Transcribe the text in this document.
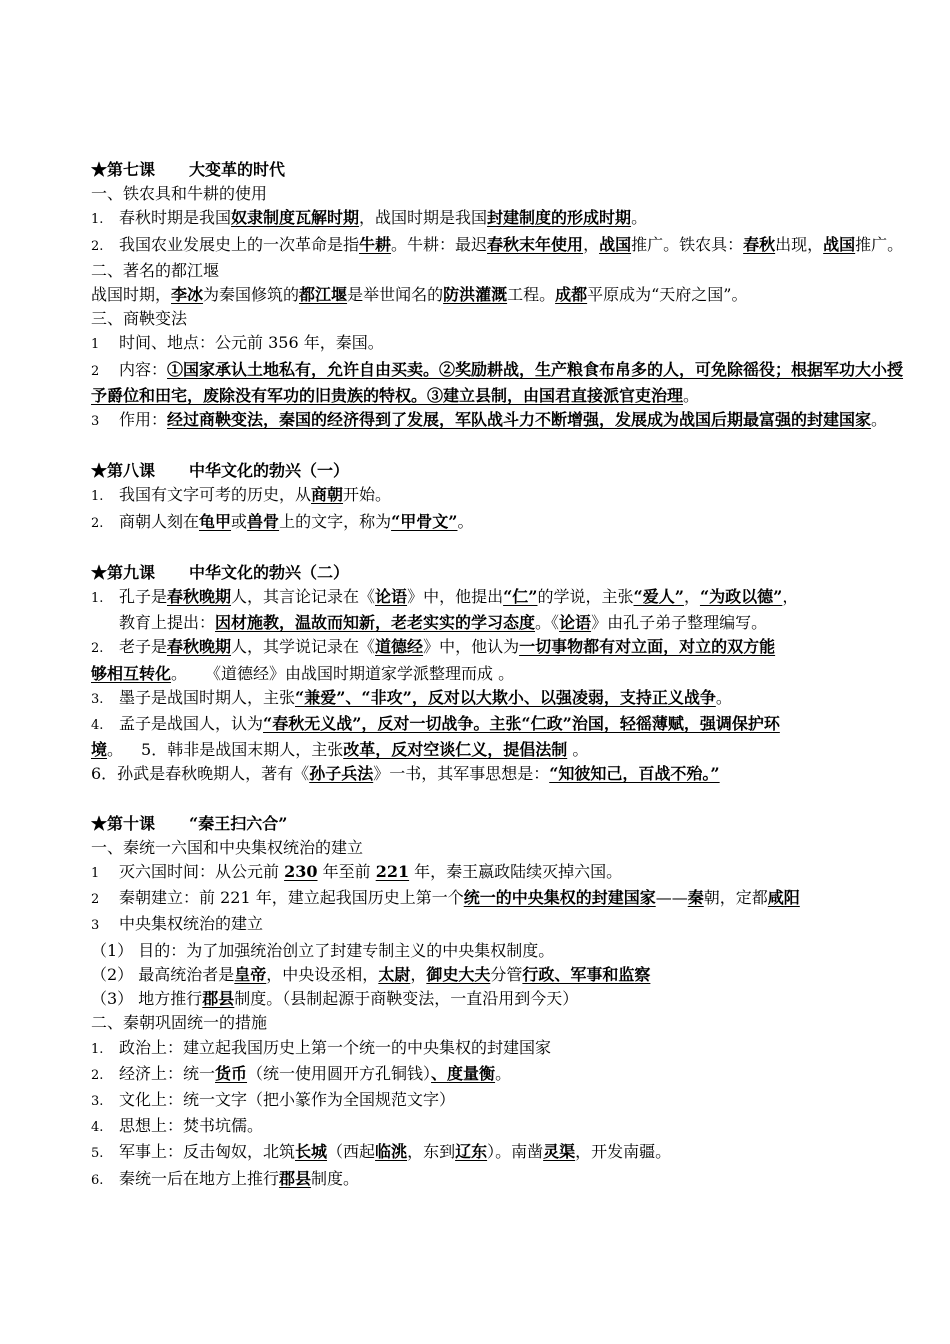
★第七课 大变革的时代
一、铁农具和牛耕的使用
1. 春秋时期是我国奴隶制度瓦解时期，战国时期是我国封建制度的形成时期。
2. 我国农业发展史上的一次革命是指牛耕。牛耕：最迟春秋末年使用，战国推广。铁农具：春秋出现，战国推广。
二、著名的都江堰
战国时期，李冰为秦国修筑的都江堰是举世闻名的防洪灌溉工程。成都平原成为“天府之国”。
三、商鞅变法
1 时间、地点：公元前 356 年，秦国。
2 内容：①国家承认土地私有，允许自由买卖。②奖励耕战，生产粮食布帛多的人，可免除徭役；根据军功大小授予爵位和田宅，废除没有军功的旧贵族的特权。③建立县制，由国君直接派官吏治理。
3 作用：经过商鞅变法，秦国的经济得到了发展，军队战斗力不断增强，发展成为战国后期最富强的封建国家。
★第八课 中华文化的勃兴（一）
1. 我国有文字可考的历史，从商朝开始。
2. 商朝人刻在龟甲或兽骨上的文字，称为“甲骨文”。
★第九课 中华文化的勃兴（二）
1. 孔子是春秋晚期人，其言论记录在《论语》中，他提出“仁”的学说，主张“爱人”，“为政以德”，
教育上提出：因材施教，温故而知新，老老实实的学习态度。《论语》由孔子弟子整理编写。
2. 老子是春秋晚期人，其学说记录在《道德经》中，他认为一切事物都有对立面，对立的双方能
够相互转化。 《道德经》由战国时期道家学派整理而成 。
3. 墨子是战国时期人，主张“兼爱”、“非攻”，反对以大欺小、以强凌弱，支持正义战争。
4. 孟子是战国人，认为“春秋无义战”，反对一切战争。主张“仁政”治国，轻徭薄赋，强调保护环
境。 5．韩非是战国末期人，主张改革，反对空谈仁义，提倡法制 。
6．孙武是春秋晚期人，著有《孙子兵法》一书，其军事思想是：“知彼知己，百战不殆。”
★第十课 “秦王扫六合”
一、秦统一六国和中央集权统治的建立
1 灭六国时间：从公元前 230 年至前 221 年，秦王嬴政陆续灭掉六国。
2 秦朝建立：前 221 年，建立起我国历史上第一个统一的中央集权的封建国家——秦朝，定都咸阳
3 中央集权统治的建立
（1） 目的：为了加强统治创立了封建专制主义的中央集权制度。
（2） 最高统治者是皇帝，中央设丞相，太尉，御史大夫分管行政、军事和监察
（3） 地方推行郡县制度。（县制起源于商鞅变法，一直沿用到今天）
二、秦朝巩固统一的措施
1. 政治上：建立起我国历史上第一个统一的中央集权的封建国家
2. 经济上：统一货币（统一使用圆开方孔铜钱）、度量衡。
3. 文化上：统一文字（把小篆作为全国规范文字）
4. 思想上：焚书坑儒。
5. 军事上：反击匈奴，北筑长城（西起临洮，东到辽东）。南凿灵渠，开发南疆。
6. 秦统一后在地方上推行郡县制度。
